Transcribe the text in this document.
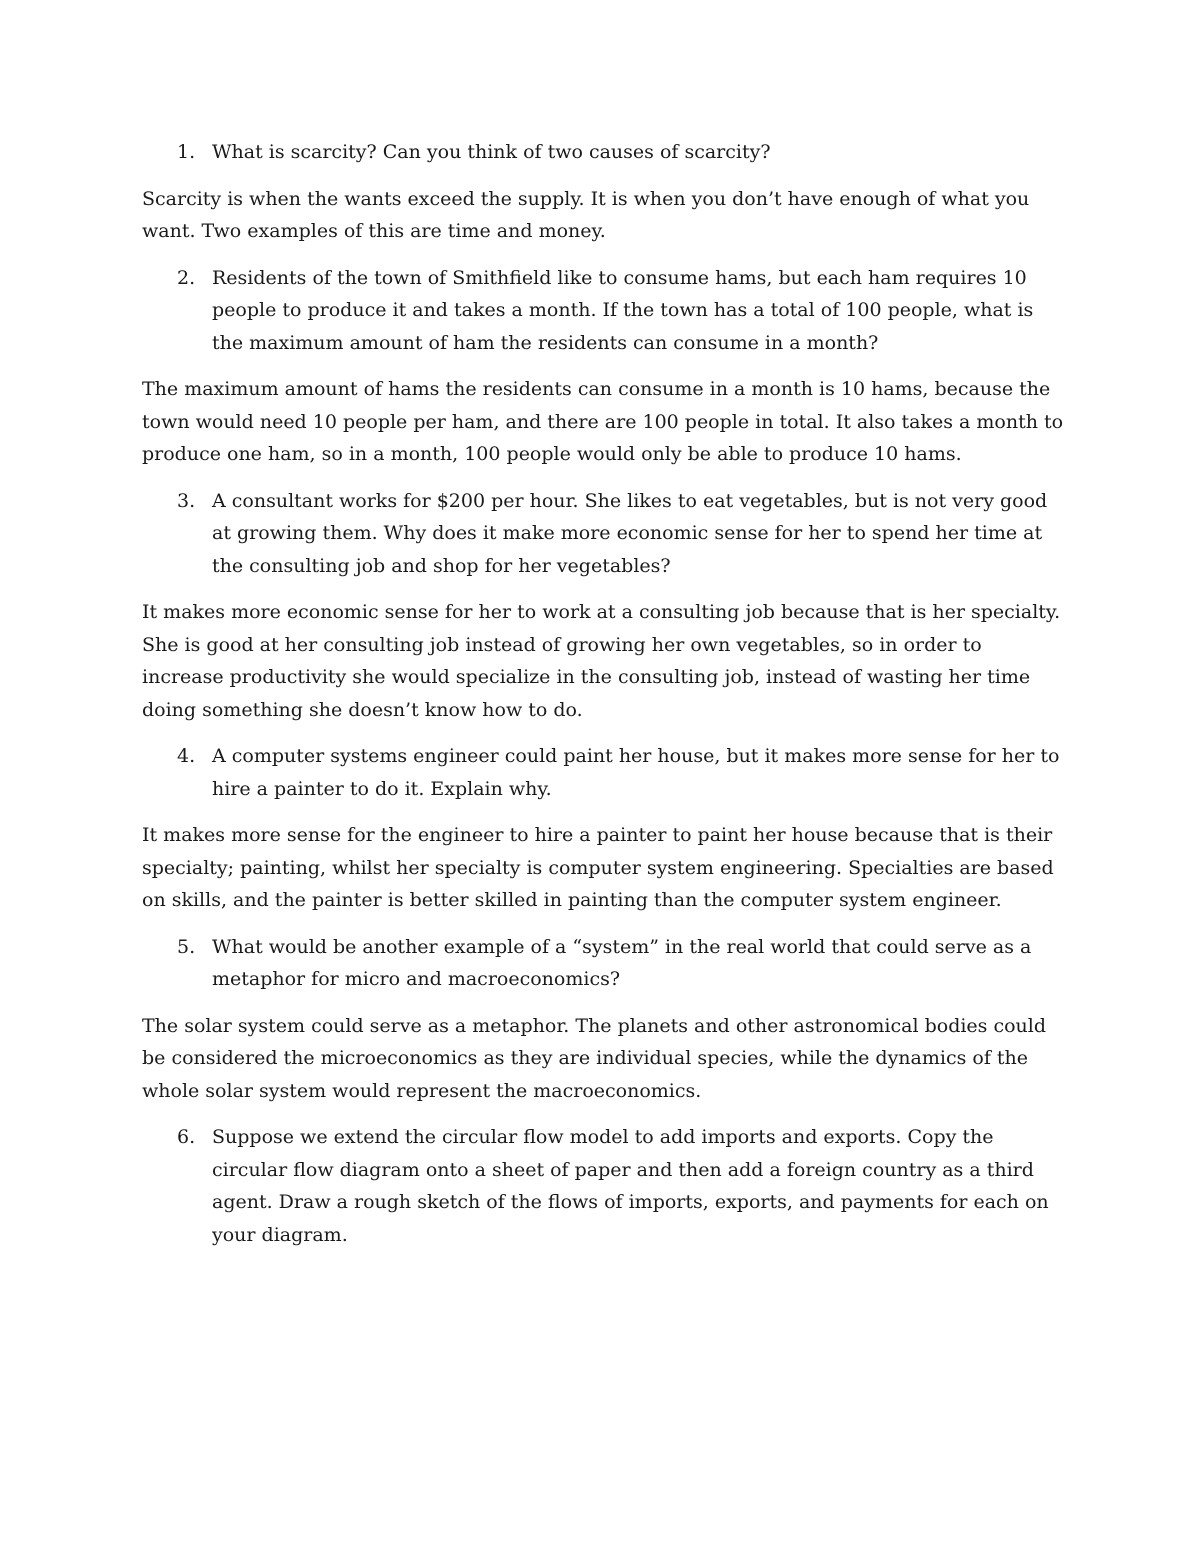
1. What is scarcity? Can you think of two causes of scarcity?

Scarcity is when the wants exceed the supply. It is when you don’t have enough of what you want. Two examples of this are time and money.

2. Residents of the town of Smithfield like to consume hams, but each ham requires 10 people to produce it and takes a month. If the town has a total of 100 people, what is the maximum amount of ham the residents can consume in a month?

The maximum amount of hams the residents can consume in a month is 10 hams, because the town would need 10 people per ham, and there are 100 people in total. It also takes a month to produce one ham, so in a month, 100 people would only be able to produce 10 hams.

3. A consultant works for $200 per hour. She likes to eat vegetables, but is not very good at growing them. Why does it make more economic sense for her to spend her time at the consulting job and shop for her vegetables?

It makes more economic sense for her to work at a consulting job because that is her specialty. She is good at her consulting job instead of growing her own vegetables, so in order to increase productivity she would specialize in the consulting job, instead of wasting her time doing something she doesn’t know how to do.

4. A computer systems engineer could paint her house, but it makes more sense for her to hire a painter to do it. Explain why.

It makes more sense for the engineer to hire a painter to paint her house because that is their specialty; painting, whilst her specialty is computer system engineering. Specialties are based on skills, and the painter is better skilled in painting than the computer system engineer.

5. What would be another example of a “system” in the real world that could serve as a metaphor for micro and macroeconomics?

The solar system could serve as a metaphor. The planets and other astronomical bodies could be considered the microeconomics as they are individual species, while the dynamics of the whole solar system would represent the macroeconomics.

6. Suppose we extend the circular flow model to add imports and exports. Copy the circular flow diagram onto a sheet of paper and then add a foreign country as a third agent. Draw a rough sketch of the flows of imports, exports, and payments for each on your diagram.
